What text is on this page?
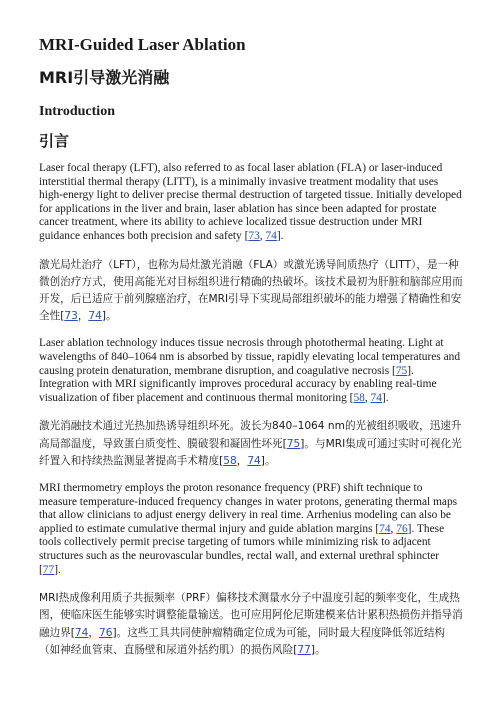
MRI-Guided Laser Ablation
MRI引导激光消融
Introduction
引言

Laser focal therapy (LFT), also referred to as focal laser ablation (FLA) or laser-induced interstitial thermal therapy (LITT), is a minimally invasive treatment modality that uses high-energy light to deliver precise thermal destruction of targeted tissue. Initially developed for applications in the liver and brain, laser ablation has since been adapted for prostate cancer treatment, where its ability to achieve localized tissue destruction under MRI guidance enhances both precision and safety [73, 74].

激光局灶治疗（LFT），也称为局灶激光消融（FLA）或激光诱导间质热疗（LITT），是一种微创治疗方式，使用高能光对目标组织进行精确的热破坏。该技术最初为肝脏和脑部应用而开发，后已适应于前列腺癌治疗，在MRI引导下实现局部组织破坏的能力增强了精确性和安全性[73，74]。

Laser ablation technology induces tissue necrosis through photothermal heating. Light at wavelengths of 840–1064 nm is absorbed by tissue, rapidly elevating local temperatures and causing protein denaturation, membrane disruption, and coagulative necrosis [75]. Integration with MRI significantly improves procedural accuracy by enabling real-time visualization of fiber placement and continuous thermal monitoring [58, 74].

激光消融技术通过光热加热诱导组织坏死。波长为840–1064 nm的光被组织吸收，迅速升高局部温度，导致蛋白质变性、膜破裂和凝固性坏死[75]。与MRI集成可通过实时可视化光纤置入和持续热监测显著提高手术精度[58，74]。

MRI thermometry employs the proton resonance frequency (PRF) shift technique to measure temperature-induced frequency changes in water protons, generating thermal maps that allow clinicians to adjust energy delivery in real time. Arrhenius modeling can also be applied to estimate cumulative thermal injury and guide ablation margins [74, 76]. These tools collectively permit precise targeting of tumors while minimizing risk to adjacent structures such as the neurovascular bundles, rectal wall, and external urethral sphincter [77].

MRI热成像利用质子共振频率（PRF）偏移技术测量水分子中温度引起的频率变化，生成热图，使临床医生能够实时调整能量输送。也可应用阿伦尼斯建模来估计累积热损伤并指导消融边界[74，76]。这些工具共同使肿瘤精确定位成为可能，同时最大程度降低邻近结构（如神经血管束、直肠壁和尿道外括约肌）的损伤风险[77]。
